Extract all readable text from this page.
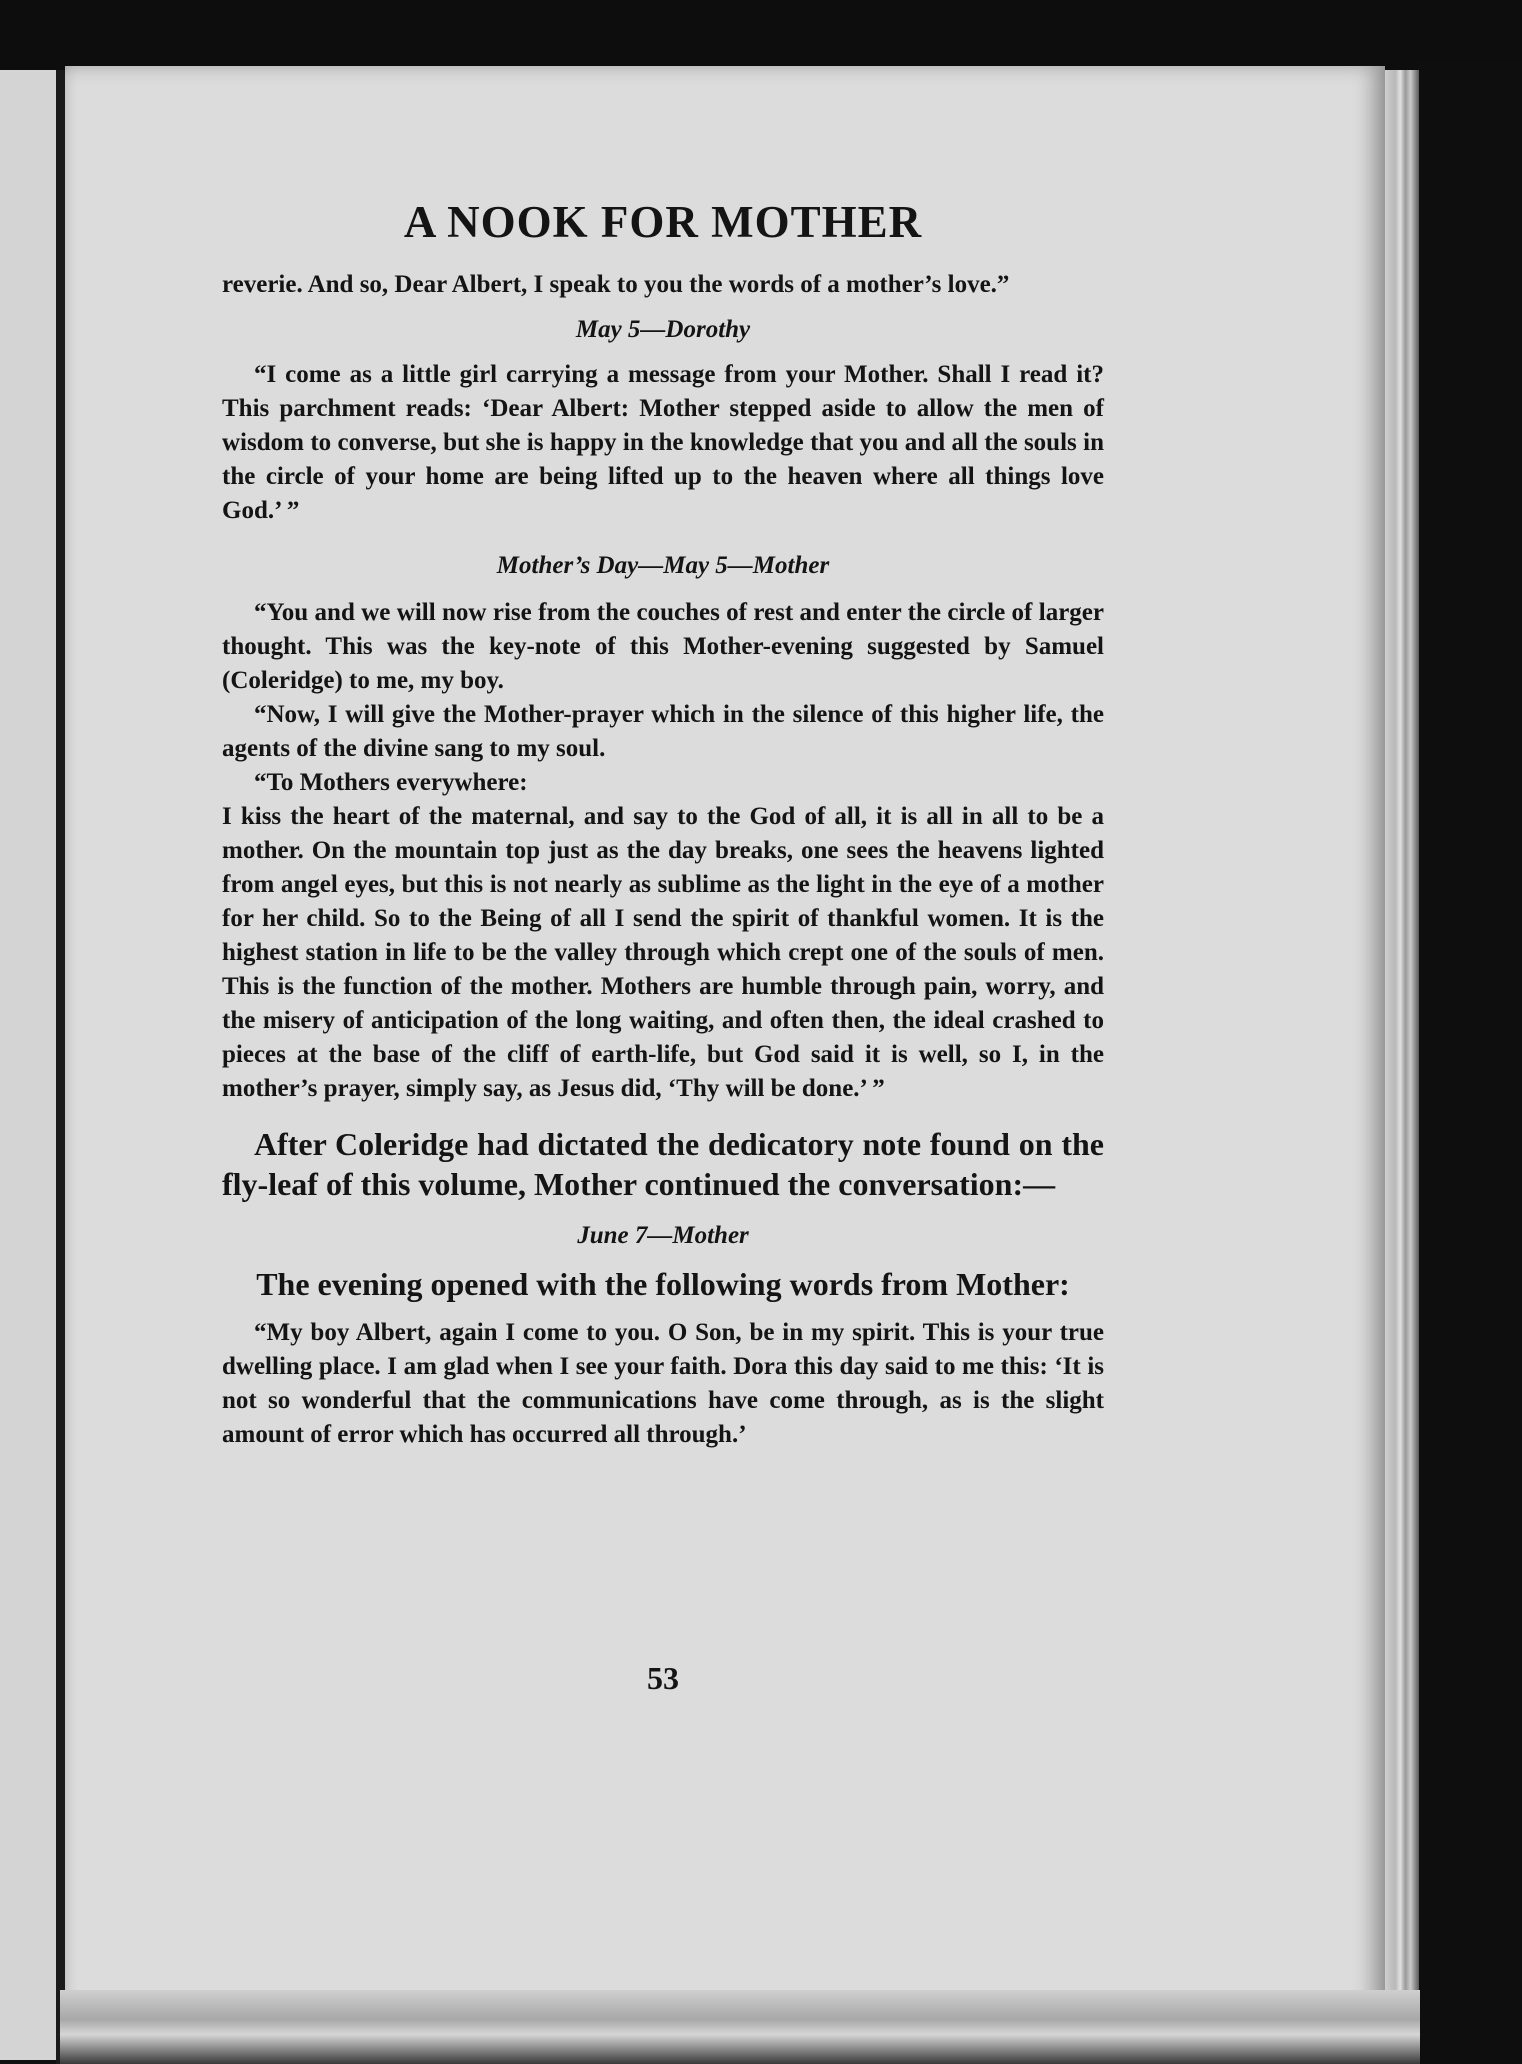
A NOOK FOR MOTHER

reverie. And so, Dear Albert, I speak to you the words of a mother’s love.”

May 5—Dorothy

“I come as a little girl carrying a message from your Mother. Shall I read it? This parchment reads: ‘Dear Albert: Mother stepped aside to allow the men of wisdom to converse, but she is happy in the knowledge that you and all the souls in the circle of your home are being lifted up to the heaven where all things love God.’ ”

Mother’s Day—May 5—Mother

“You and we will now rise from the couches of rest and enter the circle of larger thought. This was the key-note of this Mother-evening suggested by Samuel (Coleridge) to me, my boy.

“Now, I will give the Mother-prayer which in the silence of this higher life, the agents of the divine sang to my soul.

“To Mothers everywhere:

I kiss the heart of the maternal, and say to the God of all, it is all in all to be a mother. On the mountain top just as the day breaks, one sees the heavens lighted from angel eyes, but this is not nearly as sublime as the light in the eye of a mother for her child. So to the Being of all I send the spirit of thankful women. It is the highest station in life to be the valley through which crept one of the souls of men. This is the function of the mother. Mothers are humble through pain, worry, and the misery of anticipation of the long waiting, and often then, the ideal crashed to pieces at the base of the cliff of earth-life, but God said it is well, so I, in the mother’s prayer, simply say, as Jesus did, ‘Thy will be done.’ ”

After Coleridge had dictated the dedicatory note found on the fly-leaf of this volume, Mother continued the conversation:—

June 7—Mother

The evening opened with the following words from Mother:

“My boy Albert, again I come to you. O Son, be in my spirit. This is your true dwelling place. I am glad when I see your faith. Dora this day said to me this: ‘It is not so wonderful that the communications have come through, as is the slight amount of error which has occurred all through.’

53
